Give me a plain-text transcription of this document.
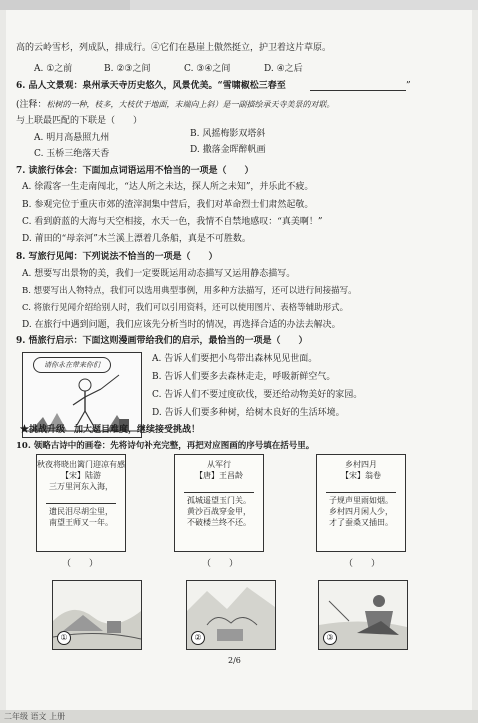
高的云岭雪杉，列成队，排成行。④它们在悬崖上傲然挺立，护卫着这片草原。
A. ①之前	B. ②③之间	C. ③④之间	D. ④之后
6. 品人文景观：泉州承天寺历史悠久，风景优美。“雪啸椒松三春至	”
(注释：松树的一种，枝多，大枝伏于地面，末端向上斜）是一副描绘承天寺美景的对联。
与上联最匹配的下联是（　　）
A. 明月高悬照九州	B. 风摇梅影双塔斜
C. 玉桥三绝落天香	D. 撒落金晖醉帆画
7. 读旅行体会：下面加点词语运用不恰当的一项是（　　）
A. 徐霞客一生走南闯北，“达人所之未达，探人所之未知”，并乐此不疲。
B. 参观完位于重庆市郊的渣滓洞集中营后，我们对革命烈士们肃然起敬。
C. 看到蔚蓝的大海与天空相接，水天一色，我情不自禁地感叹：“真美啊！”
D. 莆田的“母亲河”木兰溪上漂着几条船，真是不可胜数。
8. 写旅行见闻：下列说法不恰当的一项是（　　）
A. 想要写出景物的美，我们一定要既运用动态描写又运用静态描写。
B. 想要写出人物特点，我们可以选用典型事例，用多种方法描写，还可以进行间接描写。
C. 将旅行见闻介绍给别人时，我们可以引用资料，还可以使用图片、表格等辅助形式。
D. 在旅行中遇到问题，我们应该先分析当时的情况，再选择合适的办法去解决。
9. 悟旅行启示：下面这则漫画带给我们的启示，最恰当的一项是（　　）
请你永在带来你们
A. 告诉人们要把小鸟带出森林见见世面。
B. 告诉人们要多去森林走走，呼吸新鲜空气。
C. 告诉人们不要过度砍伐，要还给动物美好的家园。
D. 告诉人们要多种树，给树木良好的生活环境。
★挑战升级　加大题目难度，继续接受挑战！
10. 领略古诗中的画卷：先将诗句补充完整，再把对应图画的序号填在括号里。
秋夜将晓出篱门迎凉有感
【宋】陆游
三万里河东入海，
遗民泪尽胡尘里，
南望王师又一年。
从军行
【唐】王昌龄
孤城遥望玉门关。
黄沙百战穿金甲，
不破楼兰终不还。
乡村四月
【宋】翁卷
子规声里雨如烟。
乡村四月闲人少，
才了蚕桑又插田。
（　　）	（　　）	（　　）
①	②	③
2/6
二年级 语文 上册
